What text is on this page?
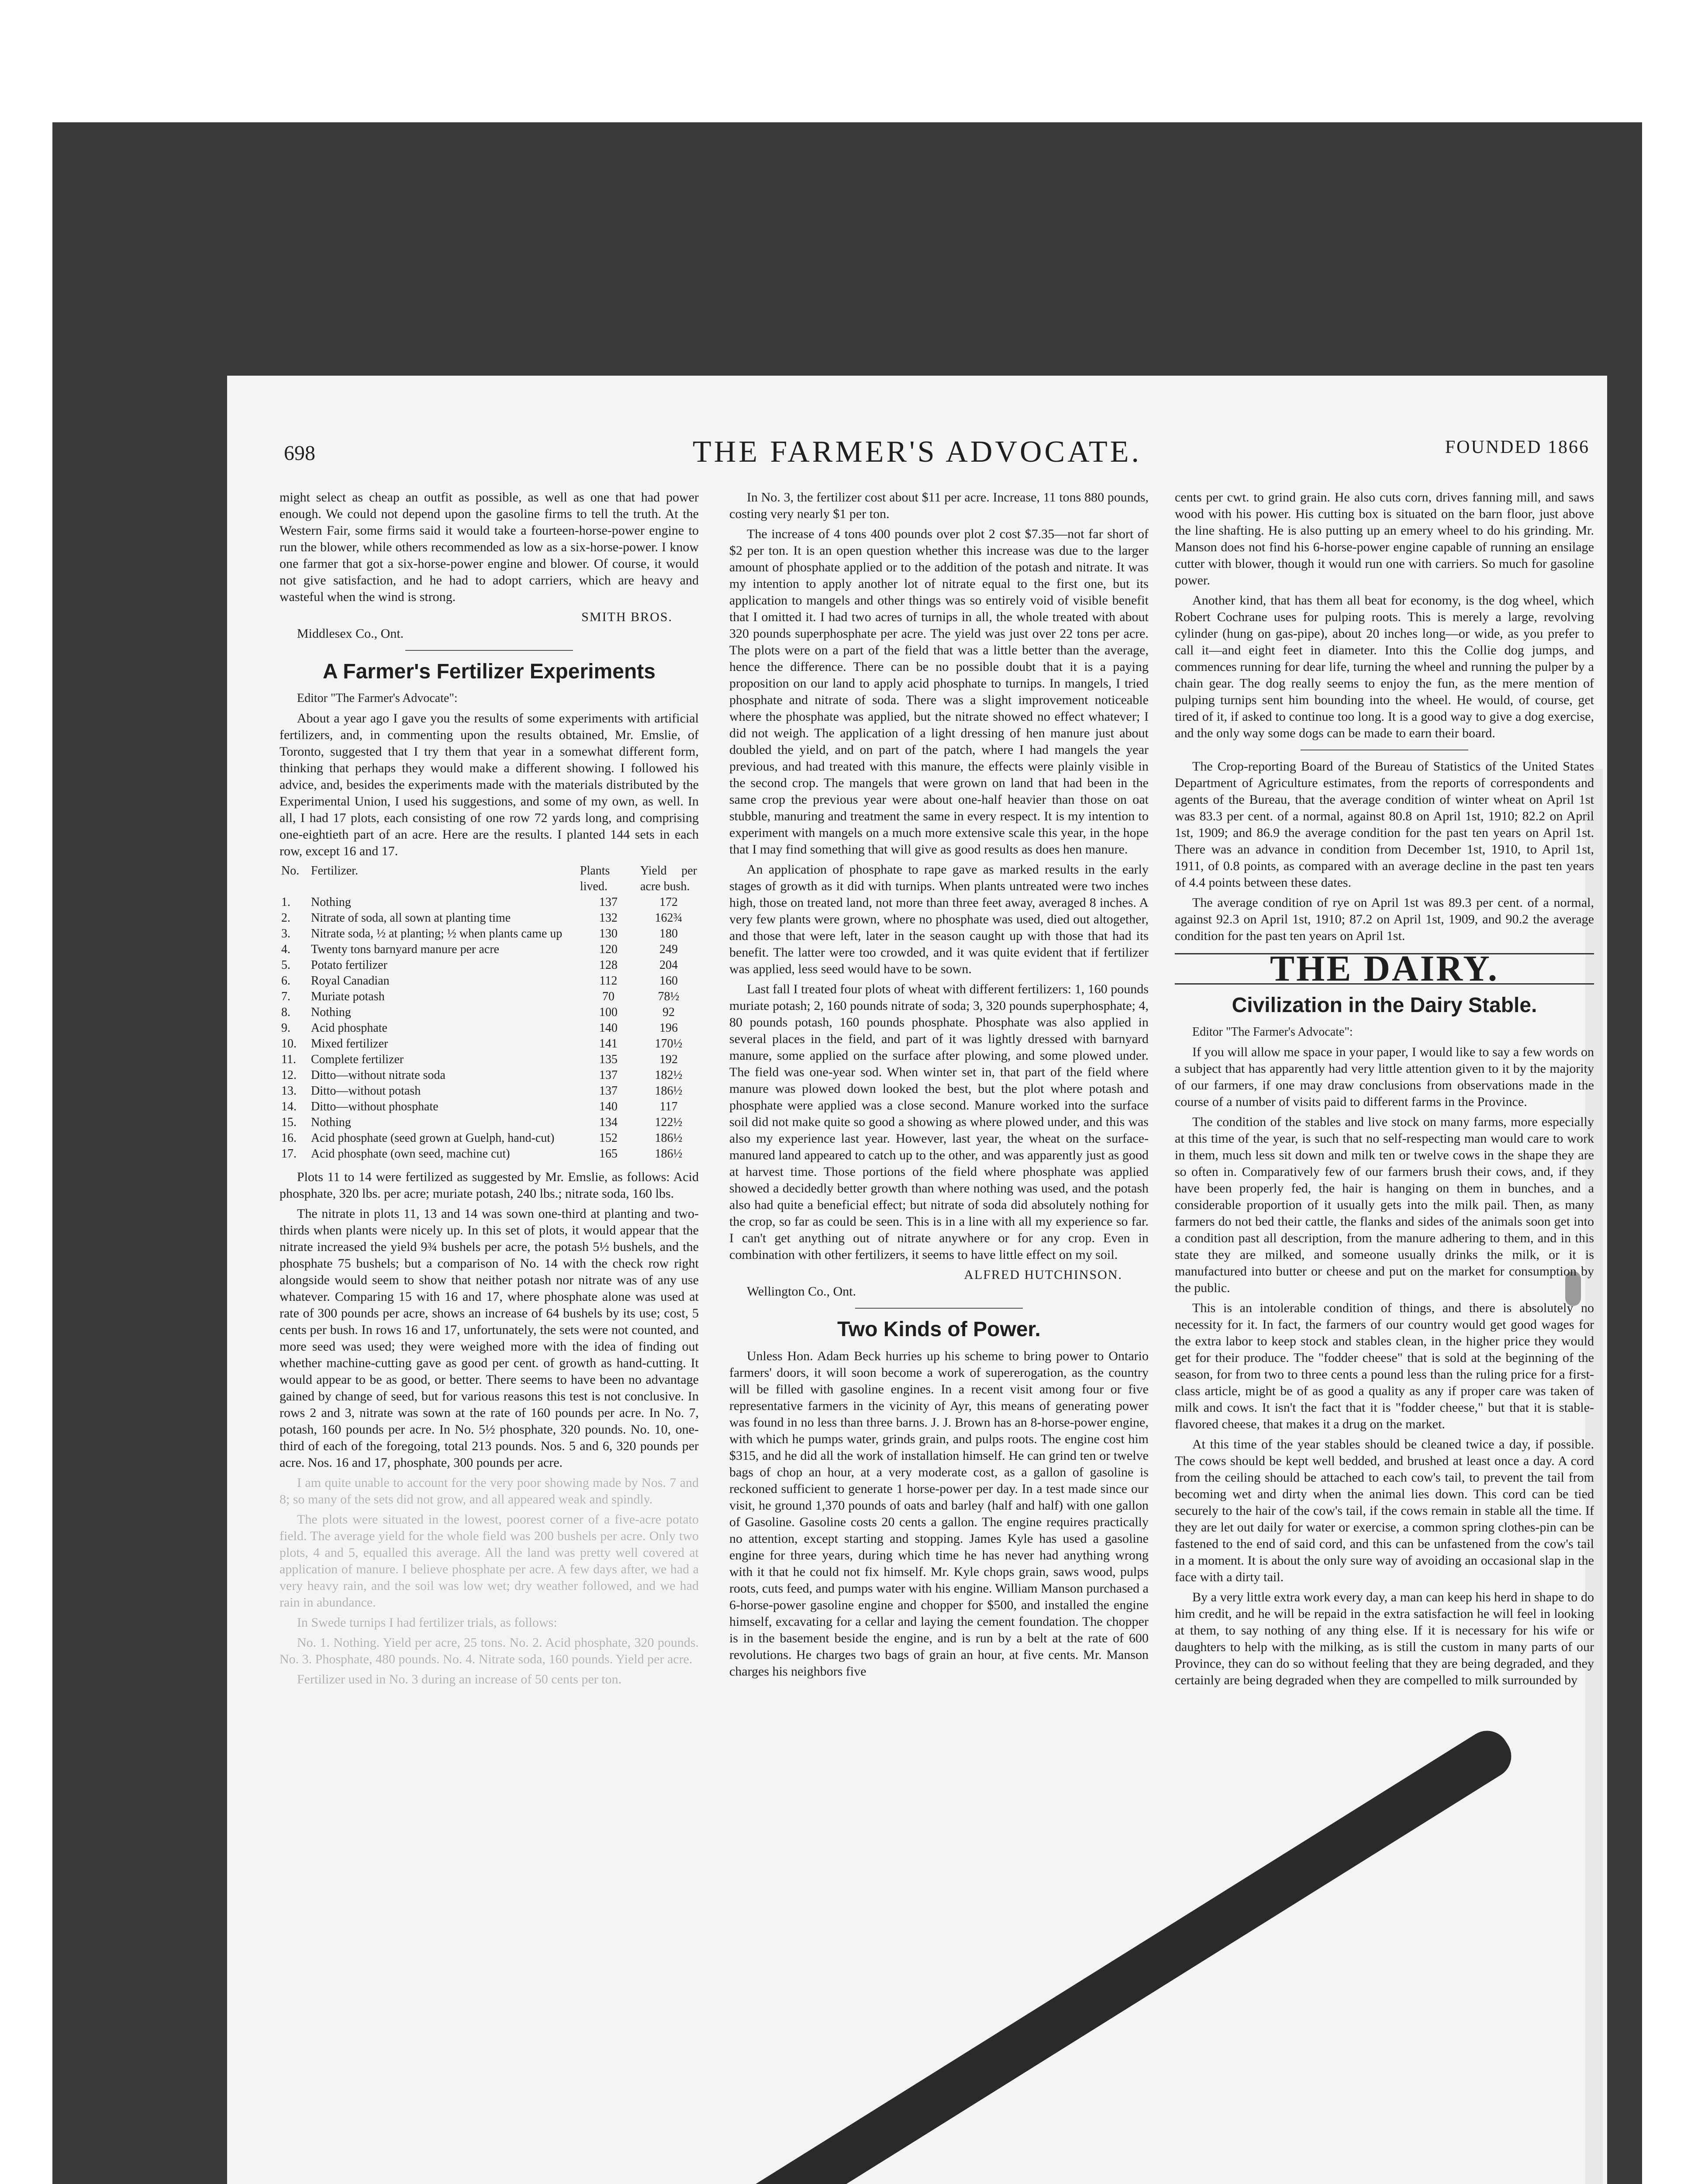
698	THE FARMER'S ADVOCATE.	FOUNDED 1866

might select as cheap an outfit as possible, as well as one that had power enough. We could not depend upon the gasoline firms to tell the truth. At the Western Fair, some firms said it would take a fourteen-horse-power engine to run the blower, while others recommended as low as a six-horse-power. I know one farmer that got a six-horse-power engine and blower. Of course, it would not give satisfaction, and he had to adopt carriers, which are heavy and wasteful when the wind is strong.

SMITH BROS.

Middlesex Co., Ont.

A Farmer's Fertilizer Experiments

Editor "The Farmer's Advocate":

About a year ago I gave you the results of some experiments with artificial fertilizers, and, in commenting upon the results obtained, Mr. Emslie, of Toronto, suggested that I try them that year in a somewhat different form, thinking that perhaps they would make a different showing. I followed his advice, and, besides the experiments made with the materials distributed by the Experimental Union, I used his suggestions, and some of my own, as well. In all, I had 17 plots, each consisting of one row 72 yards long, and comprising one-eightieth part of an acre. Here are the results. I planted 144 sets in each row, except 16 and 17.

No.	Fertilizer.	Plants lived.	Yield per acre bush.
1.	Nothing	137	172
2.	Nitrate of soda, all sown at planting time	132	162¾
3.	Nitrate soda, ½ at planting; ½ when plants came up	130	180
4.	Twenty tons barnyard manure per acre	120	249
5.	Potato fertilizer	128	204
6.	Royal Canadian	112	160
7.	Muriate potash	70	78½
8.	Nothing	100	92
9.	Acid phosphate	140	196
10.	Mixed fertilizer	141	170½
11.	Complete fertilizer	135	192
12.	Ditto—without nitrate soda	137	182½
13.	Ditto—without potash	137	186½
14.	Ditto—without phosphate	140	117
15.	Nothing	134	122½
16.	Acid phosphate (seed grown at Guelph, hand-cut)	152	186½
17.	Acid phosphate (own seed, machine cut)	165	186½

Plots 11 to 14 were fertilized as suggested by Mr. Emslie, as follows: Acid phosphate, 320 lbs. per acre; muriate potash, 240 lbs.; nitrate soda, 160 lbs.

The nitrate in plots 11, 13 and 14 was sown one-third at planting and two-thirds when plants were nicely up. In this set of plots, it would appear that the nitrate increased the yield 9¾ bushels per acre, the potash 5½ bushels, and the phosphate 75 bushels; but a comparison of No. 14 with the check row right alongside would seem to show that neither potash nor nitrate was of any use whatever. Comparing 15 with 16 and 17, where phosphate alone was used at rate of 300 pounds per acre, shows an increase of 64 bushels by its use; cost, 5 cents per bush. In rows 16 and 17, unfortunately, the sets were not counted, and more seed was used; they were weighed more with the idea of finding out whether machine-cutting gave as good per cent. of growth as hand-cutting. It would appear to be as good, or better. There seems to have been no advantage gained by change of seed, but for various reasons this test is not conclusive. In rows 2 and 3, nitrate was sown at the rate of 160 pounds per acre. In No. 7, potash, 160 pounds per acre. In No. 5½ phosphate, 320 pounds. No. 10, one-third of each of the foregoing, total 213 pounds. Nos. 5 and 6, 320 pounds per acre. Nos. 16 and 17, phosphate, 300 pounds per acre.

I am quite unable to account for the very poor showing made by Nos. 7 and 8; so many of the sets did not grow, and all appeared weak and spindly.

The plots were situated in the lowest, poorest corner of a five-acre potato field. The average yield for the whole field was 200 bushels per acre. Only two plots, 4 and 5, equalled this average. All the land was pretty well covered at application of manure. I believe phosphate per acre. A few days after, we had a very heavy rain, and the soil was low wet; dry weather followed, and we had rain in abundance.

In Swede turnips I had fertilizer trials, as follows:

No. 1. Nothing. Yield per acre, 25 tons. No. 2. Acid phosphate, 320 pounds. No. 3. Phosphate, 480 pounds. No. 4. Nitrate soda, 160 pounds. Yield per acre.

Fertilizer used in No. 3 during an increase of 50 cents per ton.

In No. 3, the fertilizer cost about $11 per acre. Increase, 11 tons 880 pounds, costing very nearly $1 per ton.

The increase of 4 tons 400 pounds over plot 2 cost $7.35—not far short of $2 per ton. It is an open question whether this increase was due to the larger amount of phosphate applied or to the addition of the potash and nitrate. It was my intention to apply another lot of nitrate equal to the first one, but its application to mangels and other things was so entirely void of visible benefit that I omitted it. I had two acres of turnips in all, the whole treated with about 320 pounds superphosphate per acre. The yield was just over 22 tons per acre. The plots were on a part of the field that was a little better than the average, hence the difference. There can be no possible doubt that it is a paying proposition on our land to apply acid phosphate to turnips. In mangels, I tried phosphate and nitrate of soda. There was a slight improvement noticeable where the phosphate was applied, but the nitrate showed no effect whatever; I did not weigh. The application of a light dressing of hen manure just about doubled the yield, and on part of the patch, where I had mangels the year previous, and had treated with this manure, the effects were plainly visible in the second crop. The mangels that were grown on land that had been in the same crop the previous year were about one-half heavier than those on oat stubble, manuring and treatment the same in every respect. It is my intention to experiment with mangels on a much more extensive scale this year, in the hope that I may find something that will give as good results as does hen manure.

An application of phosphate to rape gave as marked results in the early stages of growth as it did with turnips. When plants untreated were two inches high, those on treated land, not more than three feet away, averaged 8 inches. A very few plants were grown, where no phosphate was used, died out altogether, and those that were left, later in the season caught up with those that had its benefit. The latter were too crowded, and it was quite evident that if fertilizer was applied, less seed would have to be sown.

Last fall I treated four plots of wheat with different fertilizers: 1, 160 pounds muriate potash; 2, 160 pounds nitrate of soda; 3, 320 pounds superphosphate; 4, 80 pounds potash, 160 pounds phosphate. Phosphate was also applied in several places in the field, and part of it was lightly dressed with barnyard manure, some applied on the surface after plowing, and some plowed under. The field was one-year sod. When winter set in, that part of the field where manure was plowed down looked the best, but the plot where potash and phosphate were applied was a close second. Manure worked into the surface soil did not make quite so good a showing as where plowed under, and this was also my experience last year. However, last year, the wheat on the surface-manured land appeared to catch up to the other, and was apparently just as good at harvest time. Those portions of the field where phosphate was applied showed a decidedly better growth than where nothing was used, and the potash also had quite a beneficial effect; but nitrate of soda did absolutely nothing for the crop, so far as could be seen. This is in a line with all my experience so far. I can't get anything out of nitrate anywhere or for any crop. Even in combination with other fertilizers, it seems to have little effect on my soil.

ALFRED HUTCHINSON.

Wellington Co., Ont.

Two Kinds of Power.

Unless Hon. Adam Beck hurries up his scheme to bring power to Ontario farmers' doors, it will soon become a work of supererogation, as the country will be filled with gasoline engines. In a recent visit among four or five representative farmers in the vicinity of Ayr, this means of generating power was found in no less than three barns. J. J. Brown has an 8-horse-power engine, with which he pumps water, grinds grain, and pulps roots. The engine cost him $315, and he did all the work of installation himself. He can grind ten or twelve bags of chop an hour, at a very moderate cost, as a gallon of gasoline is reckoned sufficient to generate 1 horse-power per day. In a test made since our visit, he ground 1,370 pounds of oats and barley (half and half) with one gallon of Gasoline. Gasoline costs 20 cents a gallon. The engine requires practically no attention, except starting and stopping. James Kyle has used a gasoline engine for three years, during which time he has never had anything wrong with it that he could not fix himself. Mr. Kyle chops grain, saws wood, pulps roots, cuts feed, and pumps water with his engine. William Manson purchased a 6-horse-power gasoline engine and chopper for $500, and installed the engine himself, excavating for a cellar and laying the cement foundation. The chopper is in the basement beside the engine, and is run by a belt at the rate of 600 revolutions. He charges two bags of grain an hour, at five cents. Mr. Manson charges his neighbors five

cents per cwt. to grind grain. He also cuts corn, drives fanning mill, and saws wood with his power. His cutting box is situated on the barn floor, just above the line shafting. He is also putting up an emery wheel to do his grinding. Mr. Manson does not find his 6-horse-power engine capable of running an ensilage cutter with blower, though it would run one with carriers. So much for gasoline power.

Another kind, that has them all beat for economy, is the dog wheel, which Robert Cochrane uses for pulping roots. This is merely a large, revolving cylinder (hung on gas-pipe), about 20 inches long—or wide, as you prefer to call it—and eight feet in diameter. Into this the Collie dog jumps, and commences running for dear life, turning the wheel and running the pulper by a chain gear. The dog really seems to enjoy the fun, as the mere mention of pulping turnips sent him bounding into the wheel. He would, of course, get tired of it, if asked to continue too long. It is a good way to give a dog exercise, and the only way some dogs can be made to earn their board.

The Crop-reporting Board of the Bureau of Statistics of the United States Department of Agriculture estimates, from the reports of correspondents and agents of the Bureau, that the average condition of winter wheat on April 1st was 83.3 per cent. of a normal, against 80.8 on April 1st, 1910; 82.2 on April 1st, 1909; and 86.9 the average condition for the past ten years on April 1st. There was an advance in condition from December 1st, 1910, to April 1st, 1911, of 0.8 points, as compared with an average decline in the past ten years of 4.4 points between these dates.

The average condition of rye on April 1st was 89.3 per cent. of a normal, against 92.3 on April 1st, 1910; 87.2 on April 1st, 1909, and 90.2 the average condition for the past ten years on April 1st.

THE DAIRY.
Civilization in the Dairy Stable.

Editor "The Farmer's Advocate":

If you will allow me space in your paper, I would like to say a few words on a subject that has apparently had very little attention given to it by the majority of our farmers, if one may draw conclusions from observations made in the course of a number of visits paid to different farms in the Province.

The condition of the stables and live stock on many farms, more especially at this time of the year, is such that no self-respecting man would care to work in them, much less sit down and milk ten or twelve cows in the shape they are so often in. Comparatively few of our farmers brush their cows, and, if they have been properly fed, the hair is hanging on them in bunches, and a considerable proportion of it usually gets into the milk pail. Then, as many farmers do not bed their cattle, the flanks and sides of the animals soon get into a condition past all description, from the manure adhering to them, and in this state they are milked, and someone usually drinks the milk, or it is manufactured into butter or cheese and put on the market for consumption by the public.

This is an intolerable condition of things, and there is absolutely no necessity for it. In fact, the farmers of our country would get good wages for the extra labor to keep stock and stables clean, in the higher price they would get for their produce. The "fodder cheese" that is sold at the beginning of the season, for from two to three cents a pound less than the ruling price for a first-class article, might be of as good a quality as any if proper care was taken of milk and cows. It isn't the fact that it is "fodder cheese," but that it is stable-flavored cheese, that makes it a drug on the market.

At this time of the year stables should be cleaned twice a day, if possible. The cows should be kept well bedded, and brushed at least once a day. A cord from the ceiling should be attached to each cow's tail, to prevent the tail from becoming wet and dirty when the animal lies down. This cord can be tied securely to the hair of the cow's tail, if the cows remain in stable all the time. If they are let out daily for water or exercise, a common spring clothes-pin can be fastened to the end of said cord, and this can be unfastened from the cow's tail in a moment. It is about the only sure way of avoiding an occasional slap in the face with a dirty tail.

By a very little extra work every day, a man can keep his herd in shape to do him credit, and he will be repaid in the extra satisfaction he will feel in looking at them, to say nothing of any thing else. If it is necessary for his wife or daughters to help with the milking, as is still the custom in many parts of our Province, they can do so without feeling that they are being degraded, and they certainly are being degraded when they are compelled to milk surrounded by
